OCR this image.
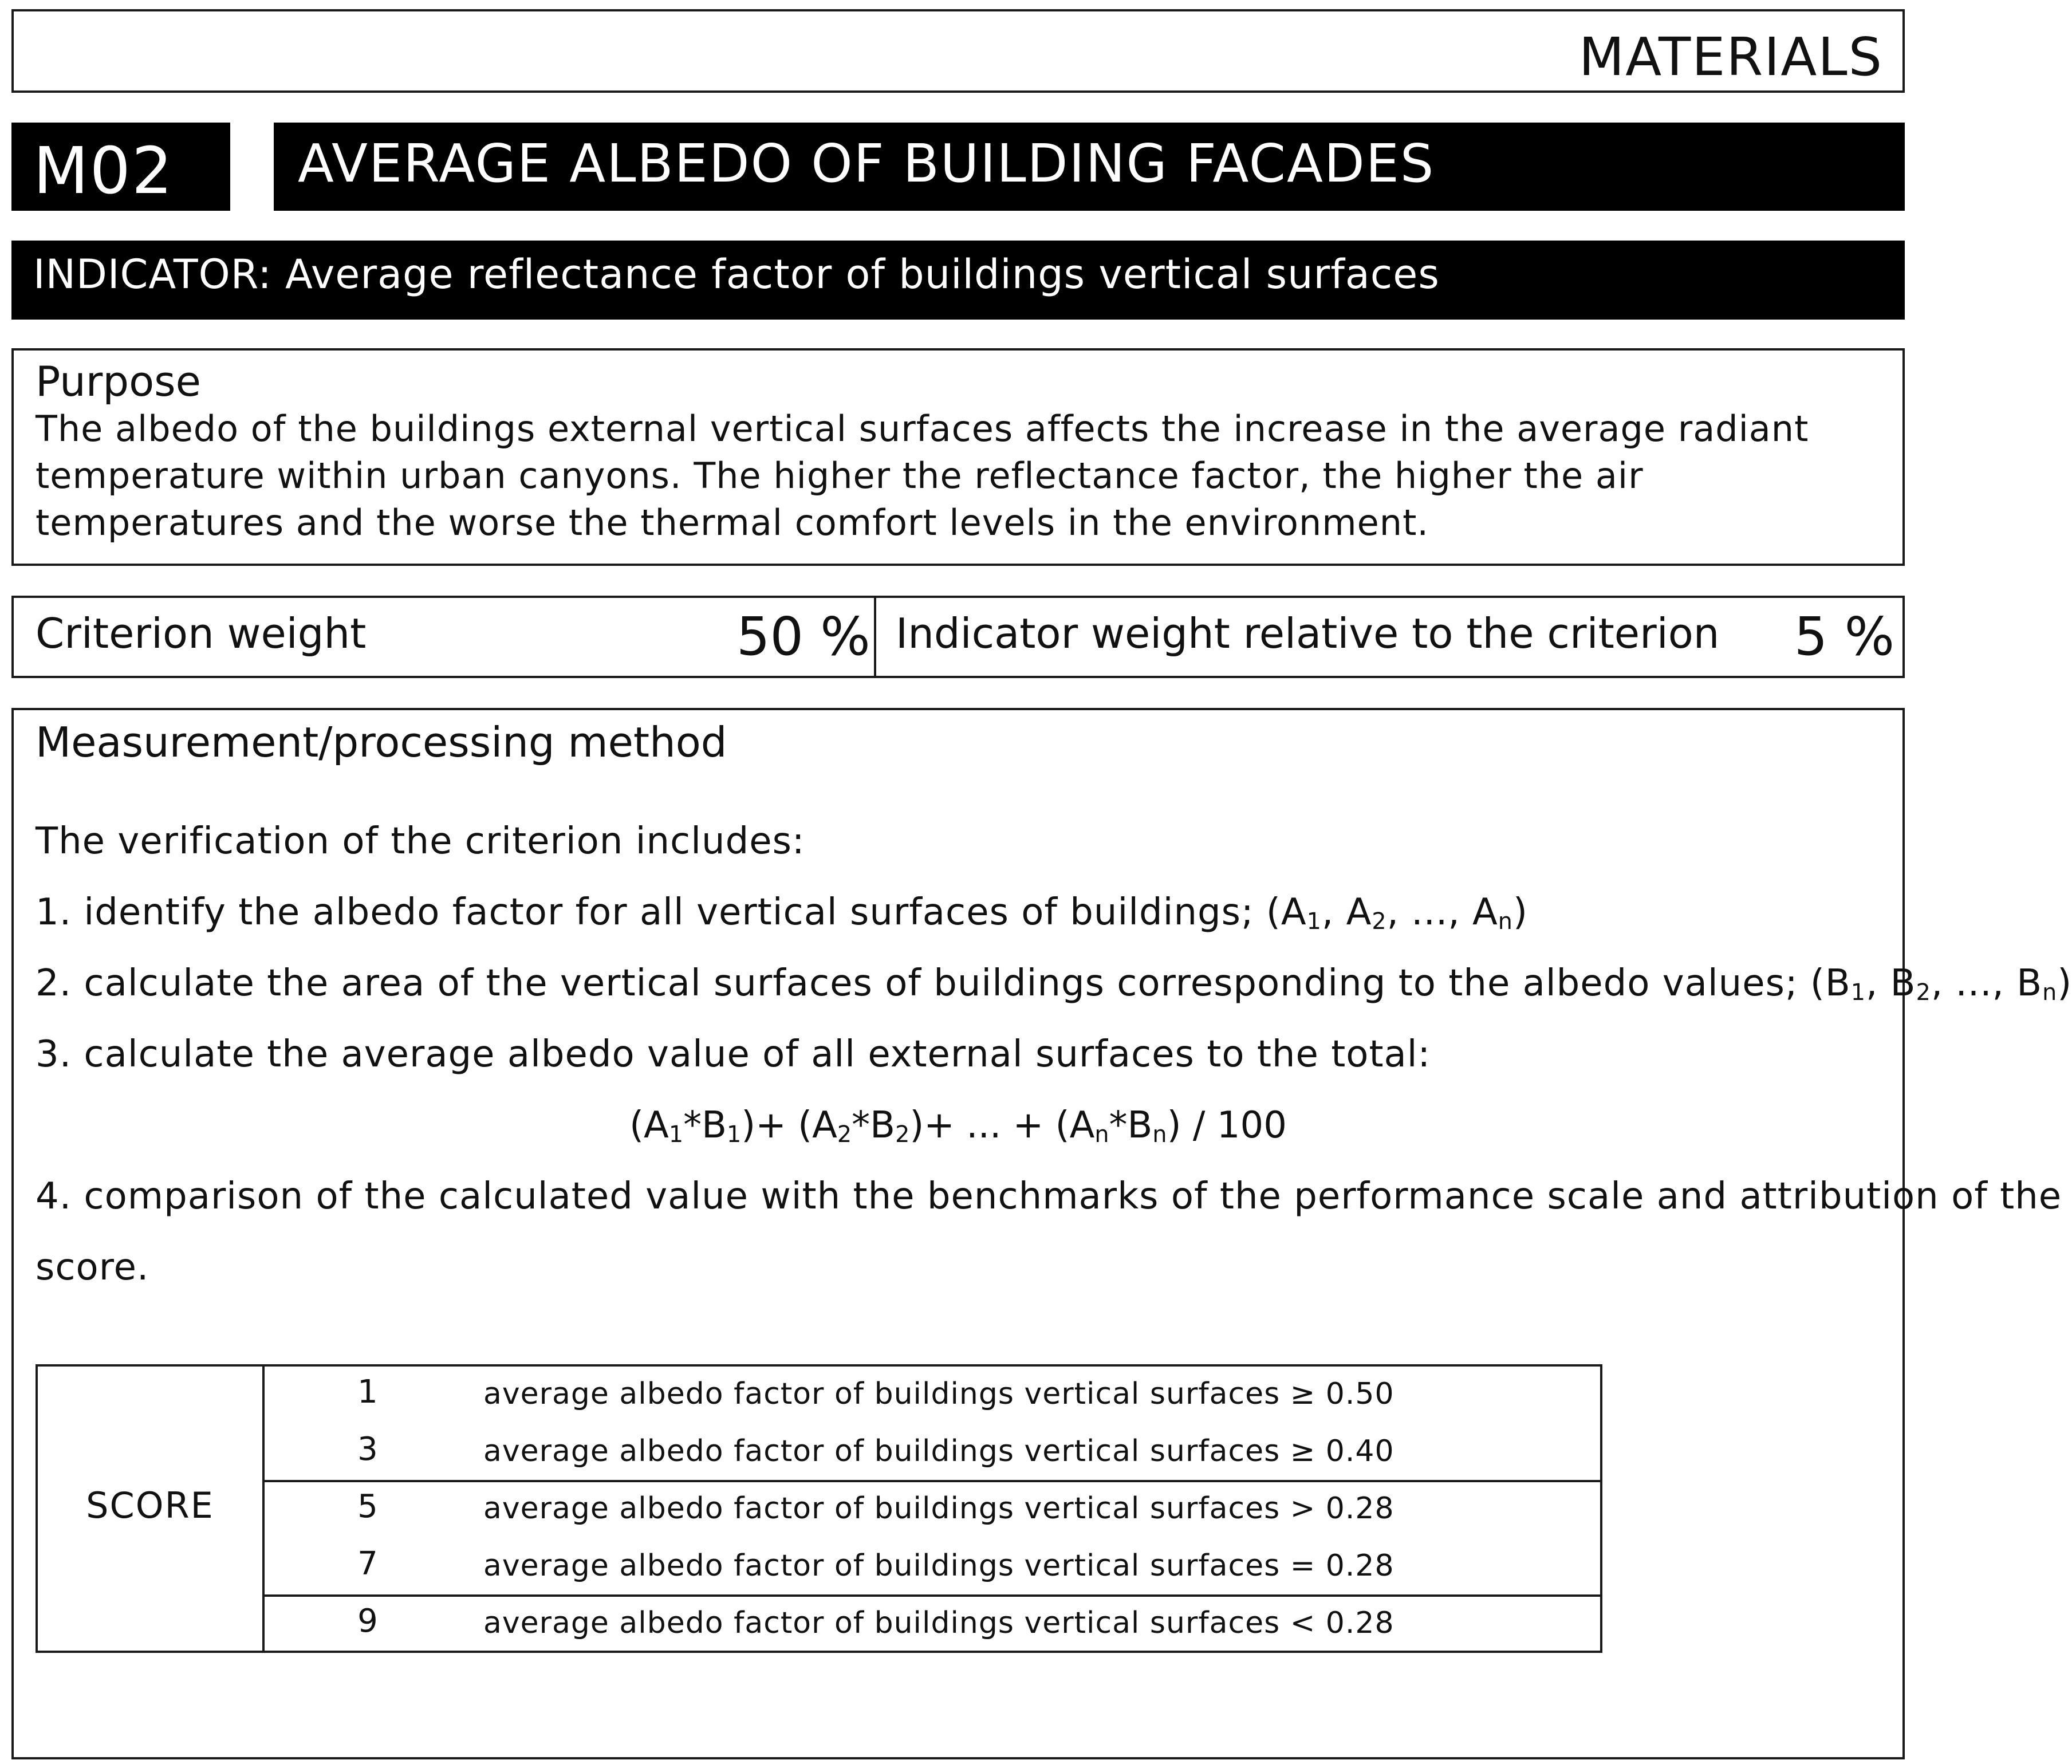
MATERIALS
M02 AVERAGE ALBEDO OF BUILDING FACADES
INDICATOR: Average reflectance factor of buildings vertical surfaces
Purpose
The albedo of the buildings external vertical surfaces affects the increase in the average radiant temperature within urban canyons. The higher the reflectance factor, the higher the air temperatures and the worse the thermal comfort levels in the environment.
Criterion weight	50 % Indicator weight relative to the criterion	5 %
Measurement/processing method
The verification of the criterion includes:
1. identify the albedo factor for all vertical surfaces of buildings; ($A_1$, $A_2$, ..., $A_n$)
2. calculate the area of the vertical surfaces of buildings corresponding to the albedo values; ($B_1$, $B_2$, ..., $B_n$)
3. calculate the average albedo value of all external surfaces to the total:
$(A_1*B_1)+ (A_2*B_2)+$ ... + $(A_n*B_n) / 100$
4. comparison of the calculated value with the benchmarks of the performance scale and attribution of the
score.
SCORE
1	average albedo factor of buildings vertical surfaces ≥ 0.50
3	average albedo factor of buildings vertical surfaces ≥ 0.40
5	average albedo factor of buildings vertical surfaces > 0.28
7	average albedo factor of buildings vertical surfaces = 0.28
9	average albedo factor of buildings vertical surfaces < 0.28
